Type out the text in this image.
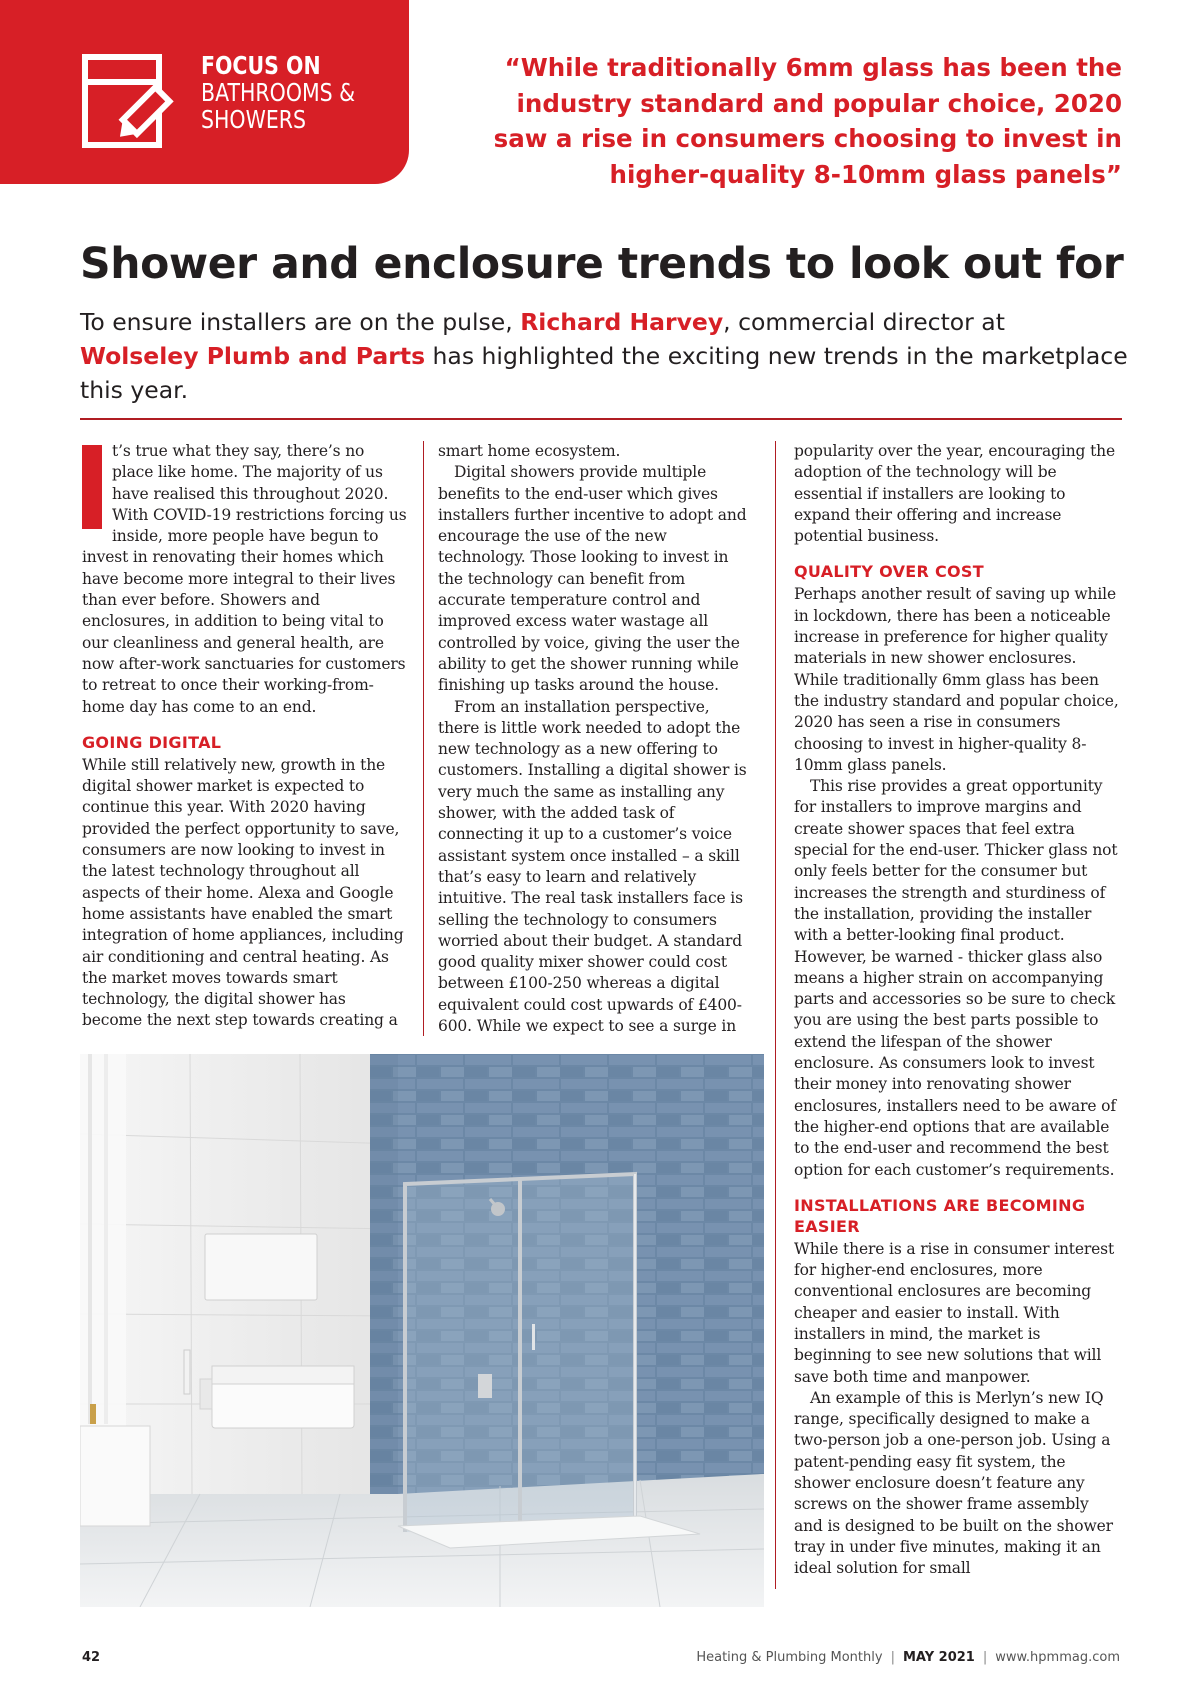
FOCUS ON
BATHROOMS &
SHOWERS
“While traditionally 6mm glass has been the industry standard and popular choice, 2020 saw a rise in consumers choosing to invest in higher-quality 8-10mm glass panels”
Shower and enclosure trends to look out for
To ensure installers are on the pulse, Richard Harvey, commercial director at Wolseley Plumb and Parts has highlighted the exciting new trends in the marketplace this year.

t’s true what they say, there’s no place like home. The majority of us have realised this throughout 2020. With COVID-19 restrictions forcing us inside, more people have begun to invest in renovating their homes which have become more integral to their lives than ever before. Showers and enclosures, in addition to being vital to our cleanliness and general health, are now after-work sanctuaries for customers to retreat to once their working-from-home day has come to an end.

GOING DIGITAL

While still relatively new, growth in the digital shower market is expected to continue this year. With 2020 having provided the perfect opportunity to save, consumers are now looking to invest in the latest technology throughout all aspects of their home. Alexa and Google home assistants have enabled the smart integration of home appliances, including air conditioning and central heating. As the market moves towards smart technology, the digital shower has become the next step towards creating a

smart home ecosystem.

Digital showers provide multiple benefits to the end-user which gives installers further incentive to adopt and encourage the use of the new technology. Those looking to invest in the technology can benefit from accurate temperature control and improved excess water wastage all controlled by voice, giving the user the ability to get the shower running while finishing up tasks around the house.

From an installation perspective, there is little work needed to adopt the new technology as a new offering to customers. Installing a digital shower is very much the same as installing any shower, with the added task of connecting it up to a customer’s voice assistant system once installed – a skill that’s easy to learn and relatively intuitive. The real task installers face is selling the technology to consumers worried about their budget. A standard good quality mixer shower could cost between £100-250 whereas a digital equivalent could cost upwards of £400-600. While we expect to see a surge in

popularity over the year, encouraging the adoption of the technology will be essential if installers are looking to expand their offering and increase potential business.

QUALITY OVER COST

Perhaps another result of saving up while in lockdown, there has been a noticeable increase in preference for higher quality materials in new shower enclosures. While traditionally 6mm glass has been the industry standard and popular choice, 2020 has seen a rise in consumers choosing to invest in higher-quality 8-10mm glass panels.

This rise provides a great opportunity for installers to improve margins and create shower spaces that feel extra special for the end-user. Thicker glass not only feels better for the consumer but increases the strength and sturdiness of the installation, providing the installer with a better-looking final product. However, be warned - thicker glass also means a higher strain on accompanying parts and accessories so be sure to check you are using the best parts possible to extend the lifespan of the shower enclosure. As consumers look to invest their money into renovating shower enclosures, installers need to be aware of the higher-end options that are available to the end-user and recommend the best option for each customer’s requirements.

INSTALLATIONS ARE BECOMING EASIER

While there is a rise in consumer interest for higher-end enclosures, more conventional enclosures are becoming cheaper and easier to install. With installers in mind, the market is beginning to see new solutions that will save both time and manpower.

An example of this is Merlyn’s new IQ range, specifically designed to make a two-person job a one-person job. Using a patent-pending easy fit system, the shower enclosure doesn’t feature any screws on the shower frame assembly and is designed to be built on the shower tray in under five minutes, making it an ideal solution for small

42	Heating & Plumbing Monthly | MAY 2021 | www.hpmmag.com
